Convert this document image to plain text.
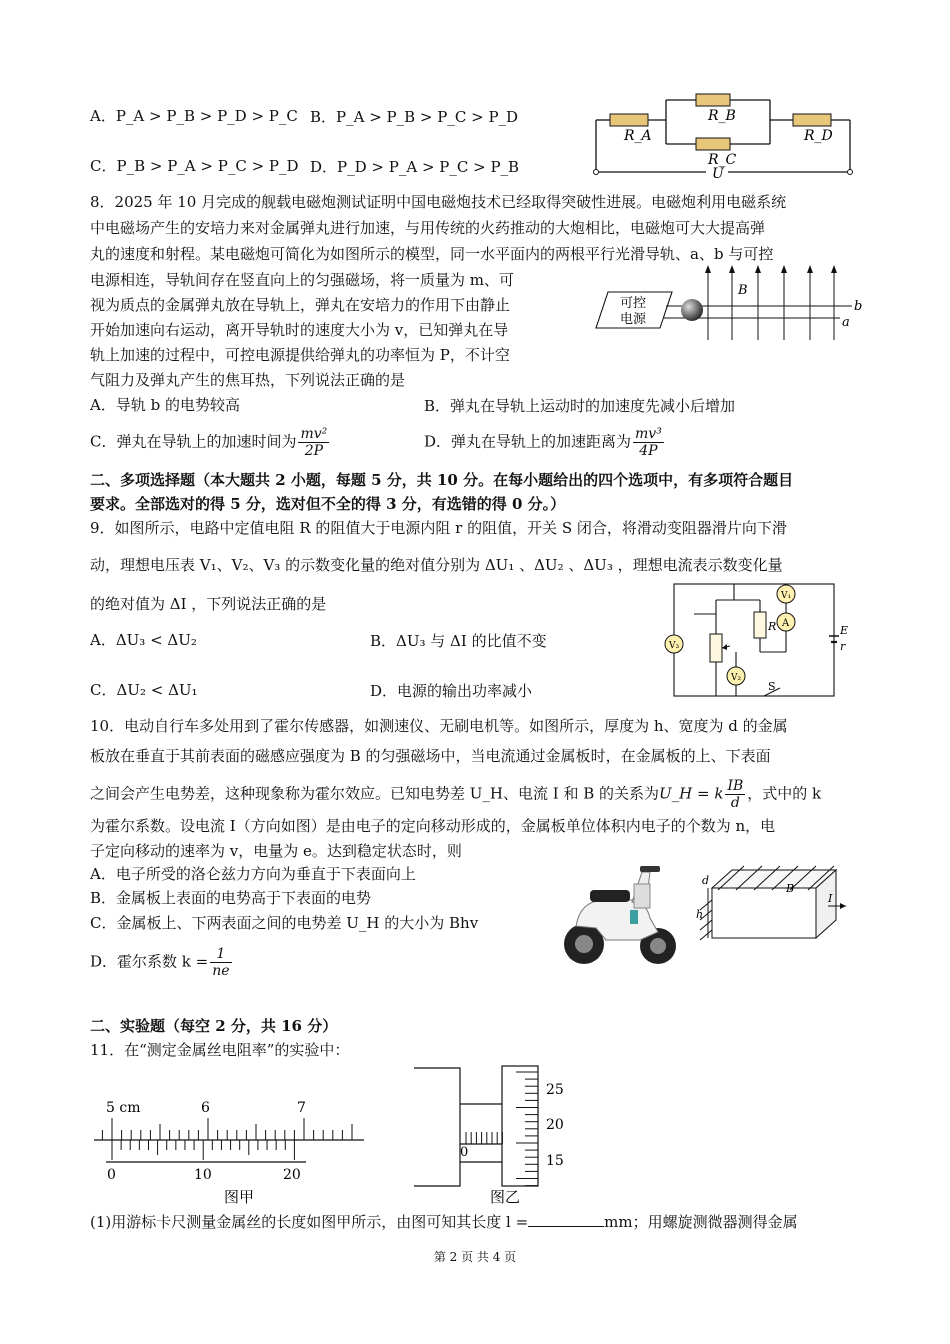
A．P_A > P_B > P_D > P_C B．P_A > P_B > P_C > P_D
C．P_B > P_A > P_C > P_D D．P_D > P_A > P_C > P_B
R_A
R_B
R_C
R_D
U
8．2025 年 10 月完成的舰载电磁炮测试证明中国电磁炮技术已经取得突破性进展。电磁炮利用电磁系统
中电磁场产生的安培力来对金属弹丸进行加速，与用传统的火药推动的大炮相比，电磁炮可大大提高弹
丸的速度和射程。某电磁炮可简化为如图所示的模型，同一水平面内的两根平行光滑导轨、a、b 与可控
电源相连，导轨间存在竖直向上的匀强磁场，将一质量为 m、可
视为质点的金属弹丸放在导轨上，弹丸在安培力的作用下由静止
开始加速向右运动，离开导轨时的速度大小为 v，已知弹丸在导
轨上加速的过程中，可控电源提供给弹丸的功率恒为 P，不计空
气阻力及弹丸产生的焦耳热，下列说法正确的是
可控
电源
B
b
a
A．导轨 b 的电势较高	B．弹丸在导轨上运动时的加速度先减小后增加
C．弹丸在导轨上的加速时间为 $\frac{\text{mv²}}{2P}$	D．弹丸在导轨上的加速距离为 $\frac{\text{mv³}}{4P}$
二、多项选择题（本大题共 2 小题，每题 5 分，共 10 分。在每小题给出的四个选项中，有多项符合题目
要求。全部选对的得 5 分，选对但不全的得 3 分，有选错的得 0 分。）
9．如图所示，电路中定值电阻 R 的阻值大于电源内阻 r 的阻值，开关 S 闭合，将滑动变阻器滑片向下滑
动，理想电压表 V₁、V₂、V₃ 的示数变化量的绝对值分别为 ΔU₁ 、ΔU₂ 、ΔU₃ ，理想电流表示数变化量
的绝对值为 ΔI ，下列说法正确的是
A．ΔU₃ < ΔU₂	B．ΔU₃ 与 ΔI 的比值不变
C．ΔU₂ < ΔU₁	D．电源的输出功率减小
V₃
V₁
A
V₂
R	E
r
S
10．电动自行车多处用到了霍尔传感器，如测速仪、无刷电机等。如图所示，厚度为 h、宽度为 d 的金属
板放在垂直于其前表面的磁感应强度为 B 的匀强磁场中，当电流通过金属板时，在金属板的上、下表面
之间会产生电势差，这种现象称为霍尔效应。已知电势差 U_H、电流 I 和 B 的关系为U_H = k $\frac{IB}{d}$ ，式中的 k
为霍尔系数。设电流 I（方向如图）是由电子的定向移动形成的，金属板单位体积内电子的个数为 n，电
子定向移动的速率为 v，电量为 e。达到稳定状态时，则
A．电子所受的洛仑兹力方向为垂直于下表面向上
B．金属板上表面的电势高于下表面的电势
C．金属板上、下两表面之间的电势差 U_H 的大小为 Bhv
D．霍尔系数 $k = \frac{1}{ne}$
d
B
h
I
二、实验题（每空 2 分，共 16 分）
11．在“测定金属丝电阻率”的实验中：
5 cm	6	7
0	10	20
图甲
0
25
20
15
图乙
(1)用游标卡尺测量金属丝的长度如图甲所示，由图可知其长度 l =	mm；用螺旋测微器测得金属
第 2 页 共 4 页
